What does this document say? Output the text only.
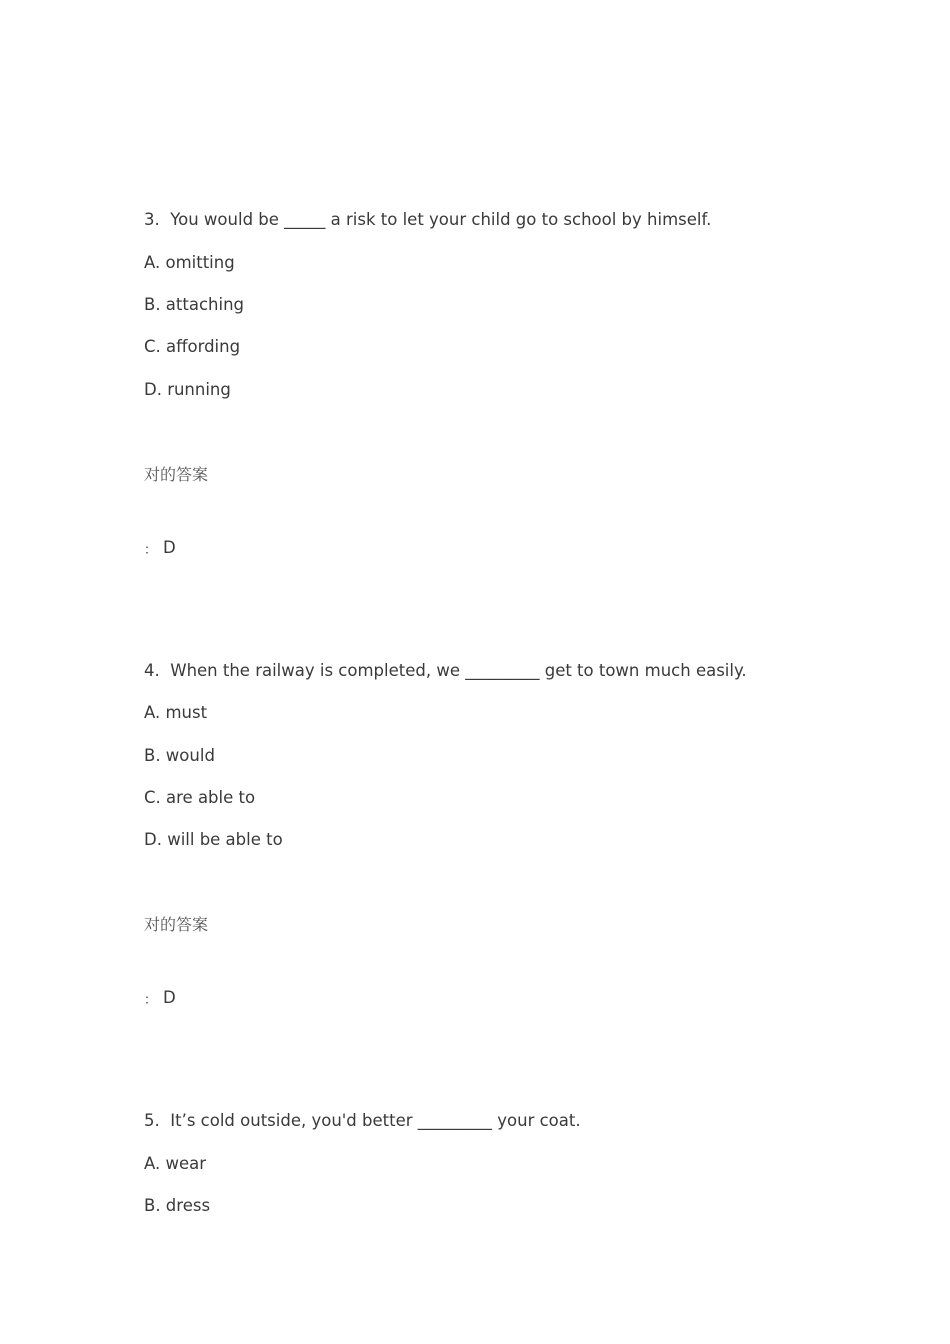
3. You would be _____ a risk to let your child go to school by himself.
A. omitting
B. attaching
C. affording
D. running
对的答案
： D
4. When the railway is completed, we _________ get to town much easily.
A. must
B. would
C. are able to
D. will be able to
对的答案
： D
5. It’s cold outside, you'd better _________ your coat.
A. wear
B. dress
